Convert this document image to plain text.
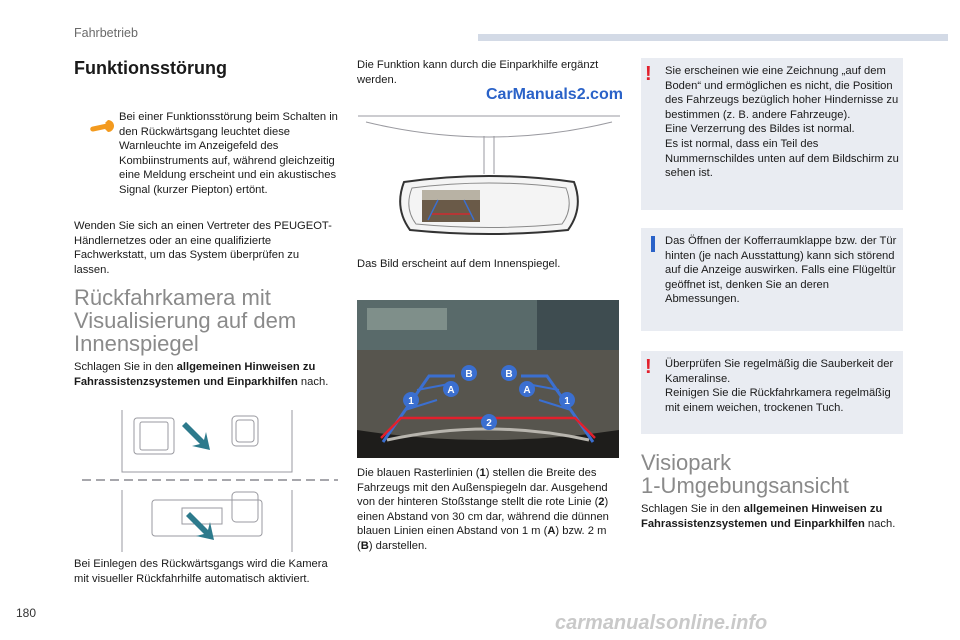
Fahrbetrieb
Funktionsstörung
Bei einer Funktionsstörung beim Schalten in den Rückwärtsgang leuchtet diese Warnleuchte im Anzeigefeld des Kombiinstruments auf, während gleichzeitig eine Meldung erscheint und ein akustisches Signal (kurzer Piepton) ertönt.
Wenden Sie sich an einen Vertreter des PEUGEOT-Händlernetzes oder an eine qualifizierte Fachwerkstatt, um das System überprüfen zu lassen.
Rückfahrkamera mit
Visualisierung auf dem
Innenspiegel
Schlagen Sie in den allgemeinen Hinweisen zu Fahrassistenzsystemen und Einparkhilfen nach.
Bei Einlegen des Rückwärtsgangs wird die Kamera mit visueller Rückfahrhilfe automatisch aktiviert.
Die Funktion kann durch die Einparkhilfe ergänzt werden.
CarManuals2.com
Das Bild erscheint auf dem Innenspiegel.
1
A
B	B
A
1
2
Die blauen Rasterlinien (1) stellen die Breite des Fahrzeugs mit den Außenspiegeln dar. Ausgehend von der hinteren Stoßstange stellt die rote Linie (2) einen Abstand von 30 cm dar, während die dünnen blauen Linien einen Abstand von 1 m (A) bzw. 2 m (B) darstellen.
! Sie erscheinen wie eine Zeichnung „auf dem Boden“ und ermöglichen es nicht, die Position des Fahrzeugs bezüglich hoher Hindernisse zu bestimmen (z. B. andere Fahrzeuge).
Eine Verzerrung des Bildes ist normal.
Es ist normal, dass ein Teil des Nummernschildes unten auf dem Bildschirm zu sehen ist.
Das Öffnen der Kofferraumklappe bzw. der Tür hinten (je nach Ausstattung) kann sich störend auf die Anzeige auswirken. Falls eine Flügeltür geöffnet ist, denken Sie an deren Abmessungen.
! Überprüfen Sie regelmäßig die Sauberkeit der Kameralinse.
Reinigen Sie die Rückfahrkamera regelmäßig mit einem weichen, trockenen Tuch.
Visiopark
1-Umgebungsansicht
Schlagen Sie in den allgemeinen Hinweisen zu Fahrassistenzsystemen und Einparkhilfen nach.
180	carmanualsonline.info
